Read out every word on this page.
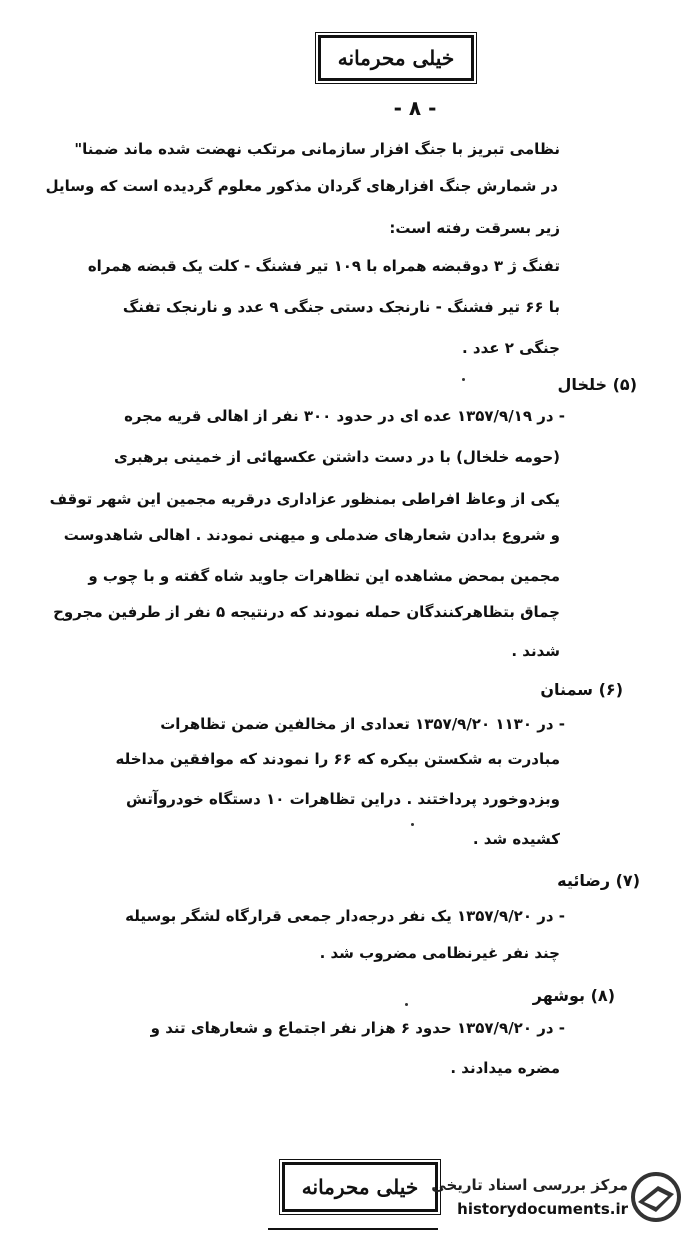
خیلی محرمانه
- ۸ -
نظامی تبریز با جنگ افزار سازمانی مرتکب نهضت شده ماند ضمنا"
در شمارش جنگ افزارهای گردان مذکور معلوم گردیده است که وسایل
زیر بسرقت رفته است:
تفنگ ژ ۳ دوقبضه همراه با ۱۰۹ تیر فشنگ - کلت یک قبضه همراه
با ۶۶ تیر فشنگ - نارنجک دستی جنگی ۹ عدد و نارنجک تفنگ
جنگی ۲ عدد .
(۵) خلخال
- در ۱۳۵۷/۹/۱۹ عده ای در حدود ۳۰۰ نفر از اهالی قریه مجره
(حومه خلخال) با در دست داشتن عکسهائی از خمینی برهبری
یکی از وعاظ افراطی بمنظور عزاداری درقریه مجمین این شهر توقف
و شروع بدادن شعارهای ضدملی و میهنی نمودند . اهالی شاهدوست
مجمین بمحض مشاهده این تظاهرات جاوید شاه گفته و با چوب و
چماق بتظاهرکنندگان حمله نمودند که درنتیجه ۵ نفر از طرفین مجروح
شدند .
(۶) سمنان
- در ۱۱۳۰ ۱۳۵۷/۹/۲۰ تعدادی از مخالفین ضمن تظاهرات
مبادرت به شکستن بیکره که ۶۶ را نمودند که موافقین مداخله
وبزدوخورد پرداختند . دراین تظاهرات ۱۰ دستگاه خودروآتش
کشیده شد .
(۷) رضائیه
- در ۱۳۵۷/۹/۲۰ یک نفر درجه‌دار جمعی قرارگاه لشگر بوسیله
چند نفر غیرنظامی مضروب شد .
(۸) بوشهر
- در ۱۳۵۷/۹/۲۰ حدود ۶ هزار نفر اجتماع و شعارهای تند و
مضره میدادند .
خیلی محرمانه مرکز بررسی اسناد تاریخی
historydocuments.ir
